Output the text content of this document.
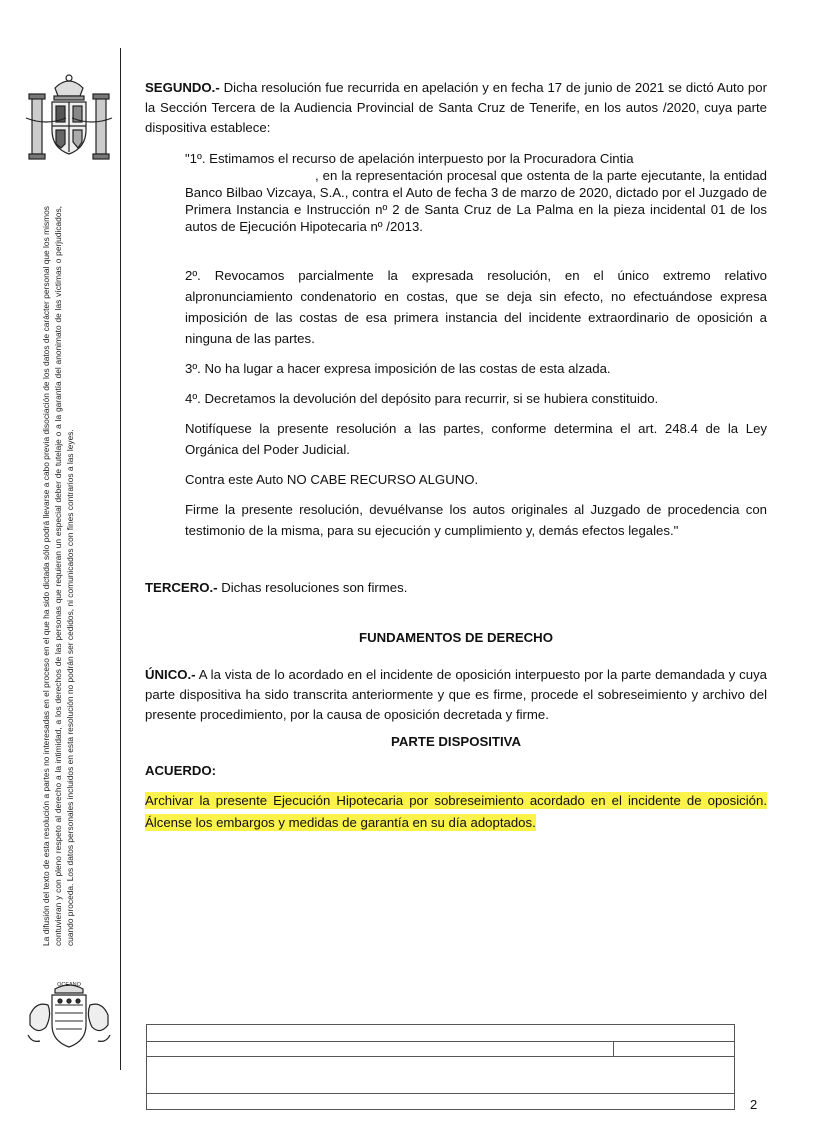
La difusión del texto de esta resolución a partes no interesadas en el proceso en el que ha sido dictada sólo podrá llevarse a cabo previa disociación de los datos de carácter personal que los mismos contuvieran y con pleno respeto al derecho a la intimidad, a los derechos de las personas que requieran un especial deber de tutelaje o a la garantía del anonimato de las víctimas o perjudicados, cuando proceda. Los datos personales incluidos en esta resolución no podrán ser cedidos, ni comunicados con fines contrarios a las leyes.

SEGUNDO.- Dicha resolución fue recurrida en apelación y en fecha 17 de junio de 2021 se dictó Auto por la Sección Tercera de la Audiencia Provincial de Santa Cruz de Tenerife, en los autos /2020, cuya parte dispositiva establece:

"1º. Estimamos el recurso de apelación interpuesto por la Procuradora Cintia
, en la representación procesal que ostenta de la parte ejecutante, la entidad Banco Bilbao Vizcaya, S.A., contra el Auto de fecha 3 de marzo de 2020, dictado por el Juzgado de Primera Instancia e Instrucción nº 2 de Santa Cruz de La Palma en la pieza incidental 01 de los autos de Ejecución Hipotecaria nº /2013.

2º. Revocamos parcialmente la expresada resolución, en el único extremo relativo alpronunciamiento condenatorio en costas, que se deja sin efecto, no efectuándose expresa imposición de las costas de esa primera instancia del incidente extraordinario de oposición a ninguna de las partes.

3º. No ha lugar a hacer expresa imposición de las costas de esta alzada.

4º. Decretamos la devolución del depósito para recurrir, si se hubiera constituido.

Notifíquese la presente resolución a las partes, conforme determina el art. 248.4 de la Ley Orgánica del Poder Judicial.

Contra este Auto NO CABE RECURSO ALGUNO.

Firme la presente resolución, devuélvanse los autos originales al Juzgado de procedencia con testimonio de la misma, para su ejecución y cumplimiento y, demás efectos legales."

TERCERO.- Dichas resoluciones son firmes.

FUNDAMENTOS DE DERECHO

ÚNICO.- A la vista de lo acordado en el incidente de oposición interpuesto por la parte demandada y cuya parte dispositiva ha sido transcrita anteriormente y que es firme, procede el sobreseimiento y archivo del presente procedimiento, por la causa de oposición decretada y firme.

PARTE DISPOSITIVA

ACUERDO:

Archivar la presente Ejecución Hipotecaria por sobreseimiento acordado en el incidente de oposición. Álcense los embargos y medidas de garantía en su día adoptados.

OCEANO
2
